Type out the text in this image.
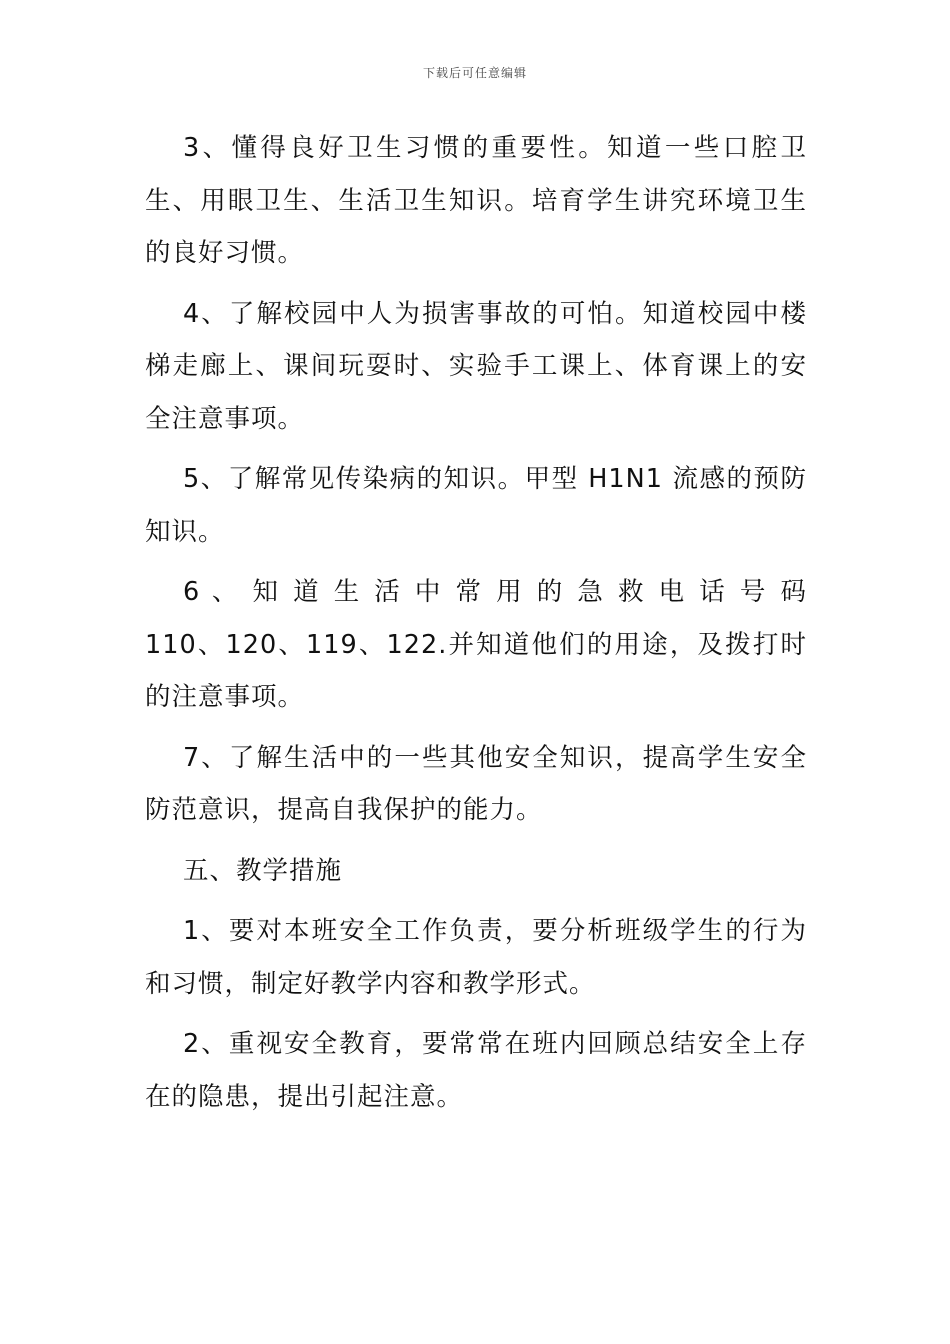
下载后可任意编辑

3、懂得良好卫生习惯的重要性。知道一些口腔卫生、用眼卫生、生活卫生知识。培育学生讲究环境卫生的良好习惯。

4、了解校园中人为损害事故的可怕。知道校园中楼梯走廊上、课间玩耍时、实验手工课上、体育课上的安全注意事项。

5、了解常见传染病的知识。甲型 H1N1 流感的预防知识。

6 、 知 道 生 活 中 常 用 的 急 救 电 话 号 码 110、120、119、122.并知道他们的用途，及拨打时的注意事项。

7、了解生活中的一些其他安全知识，提高学生安全防范意识，提高自我保护的能力。

五、教学措施

1、要对本班安全工作负责，要分析班级学生的行为和习惯，制定好教学内容和教学形式。

2、重视安全教育，要常常在班内回顾总结安全上存在的隐患，提出引起注意。
